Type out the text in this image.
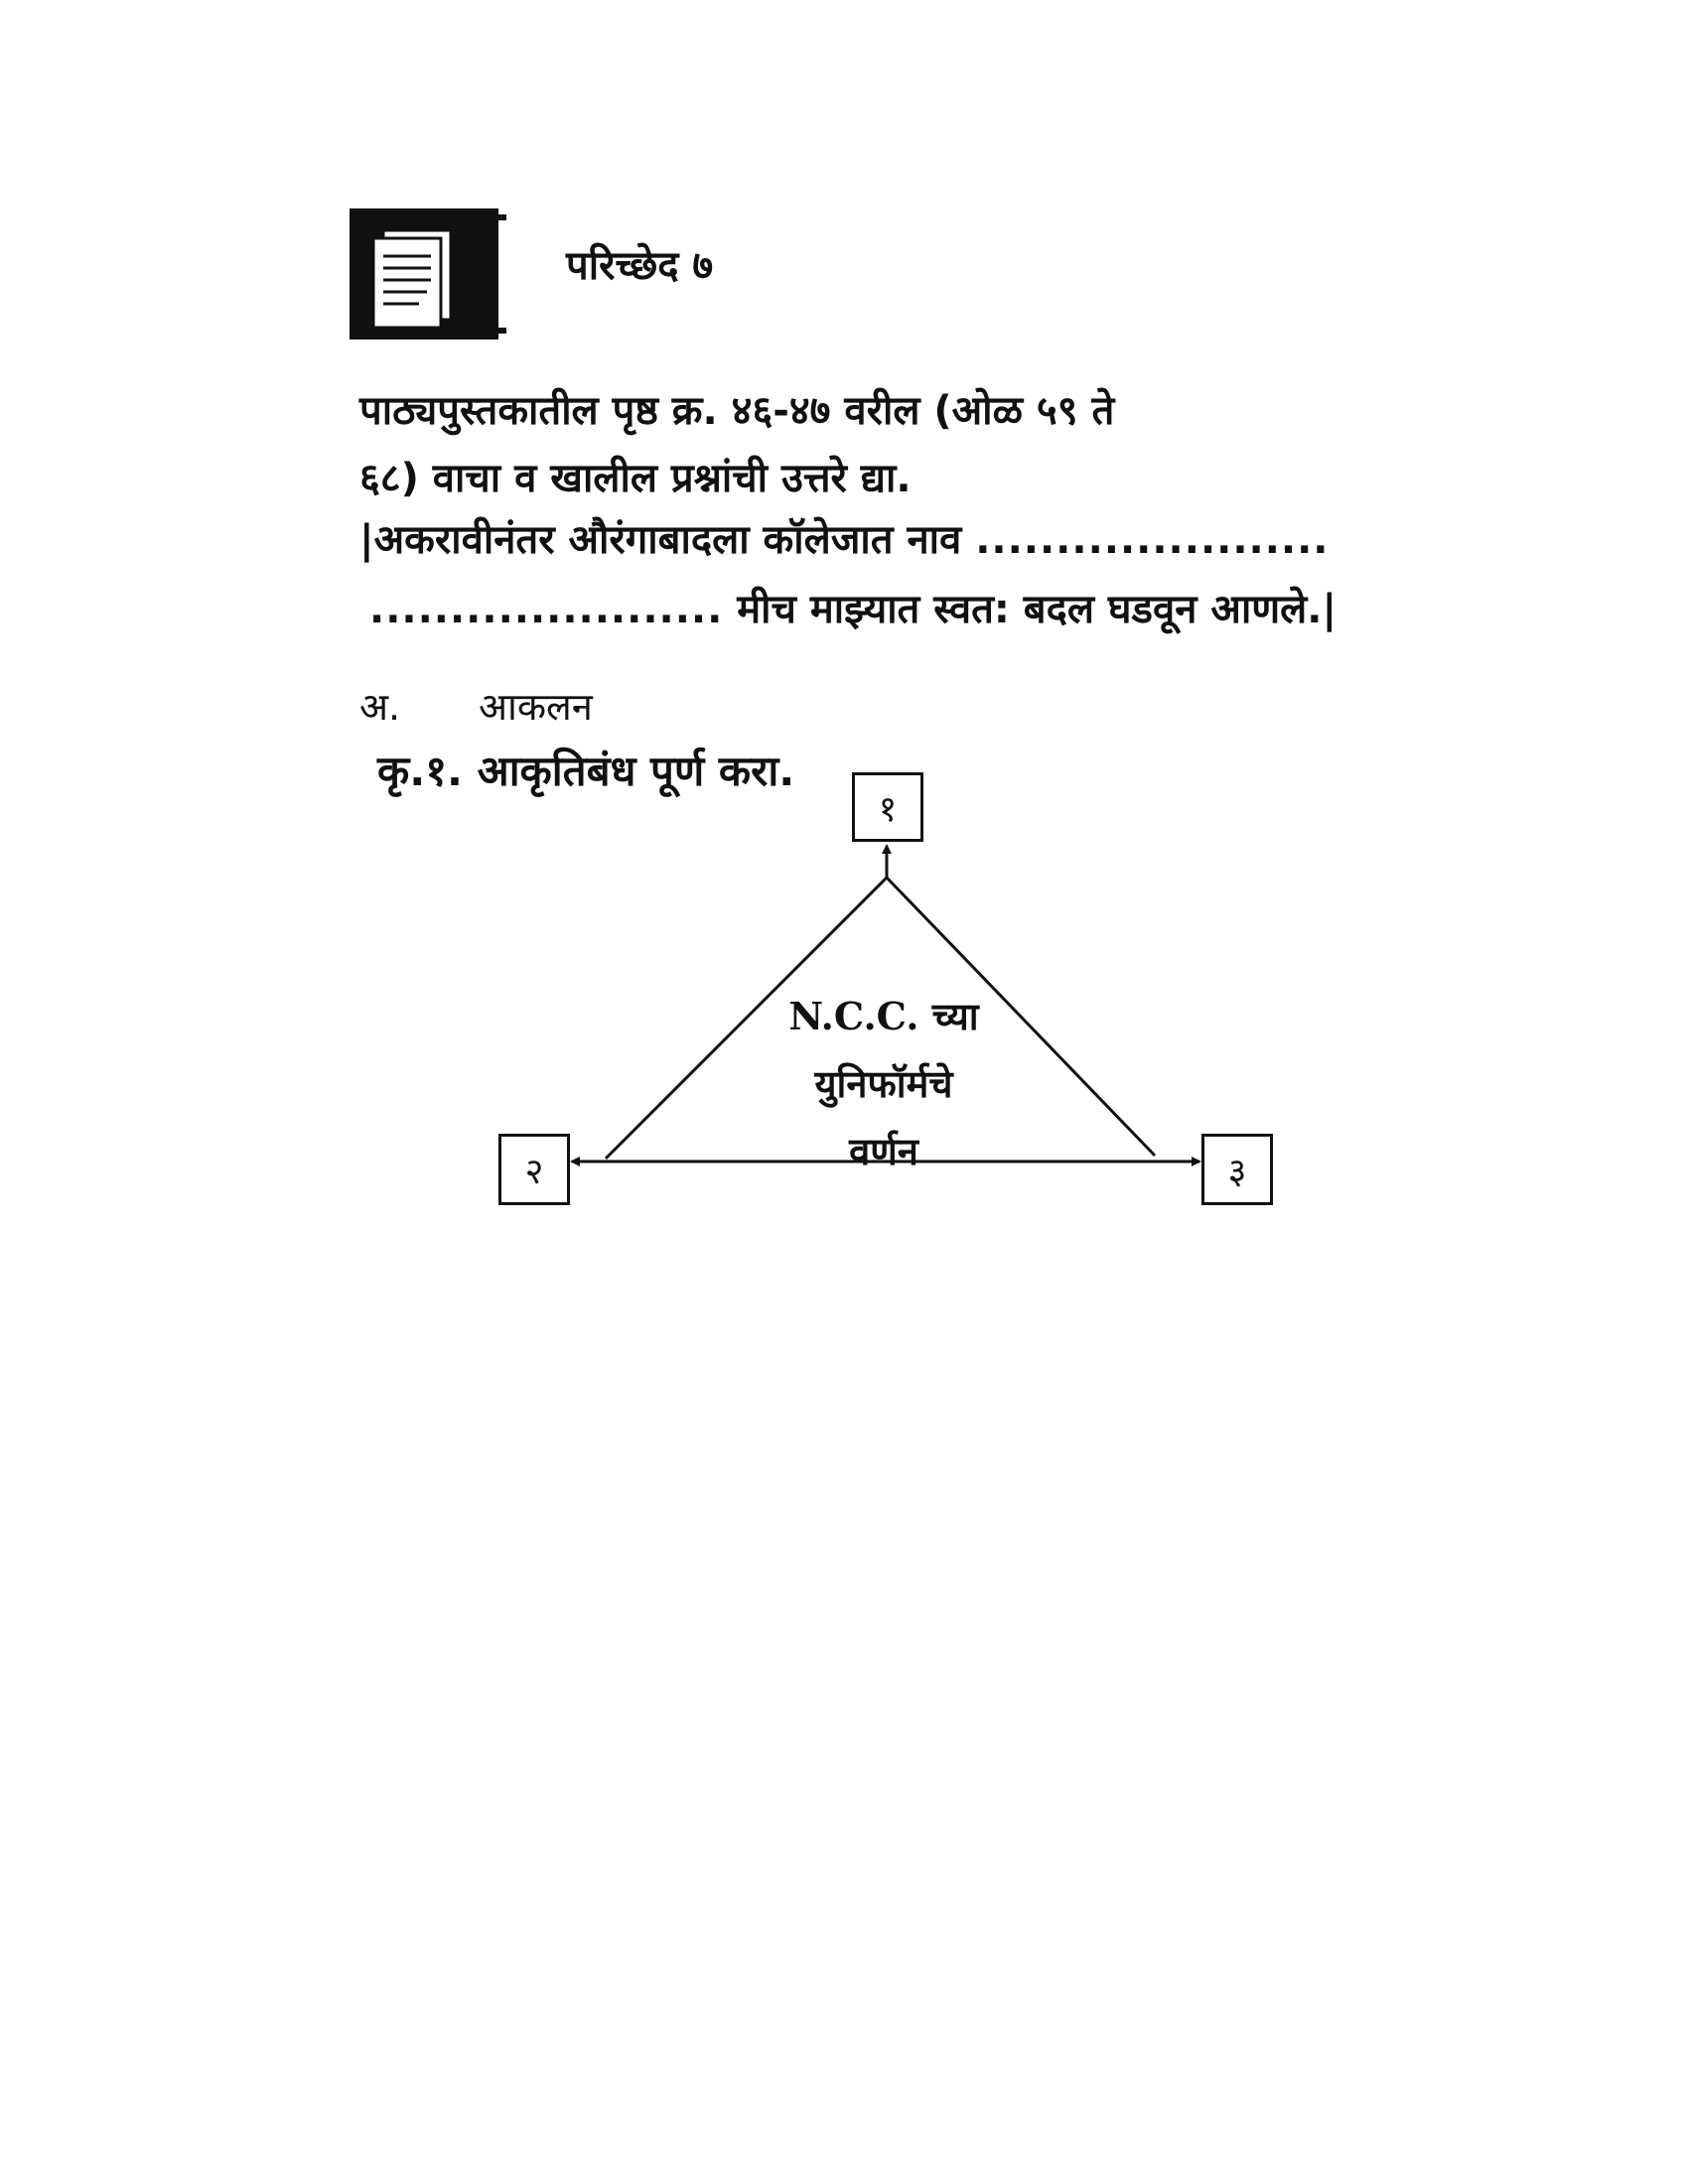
परिच्छेद ७
पाठ्यपुस्तकातील पृष्ठ क्र. ४६-४७ वरील (ओळ ५९ ते
६८) वाचा व खालील प्रश्नांची उत्तरे द्या.
|अकरावीनंतर औरंगाबादला कॉलेजात नाव ......................
...................... मीच माझ्यात स्वत: बदल घडवून आणले.|
अ. आकलन
कृ.१. आकृतिबंध पूर्ण करा.
N.C.C. च्या
युनिफॉर्मचे
वर्णन
१
२	३
